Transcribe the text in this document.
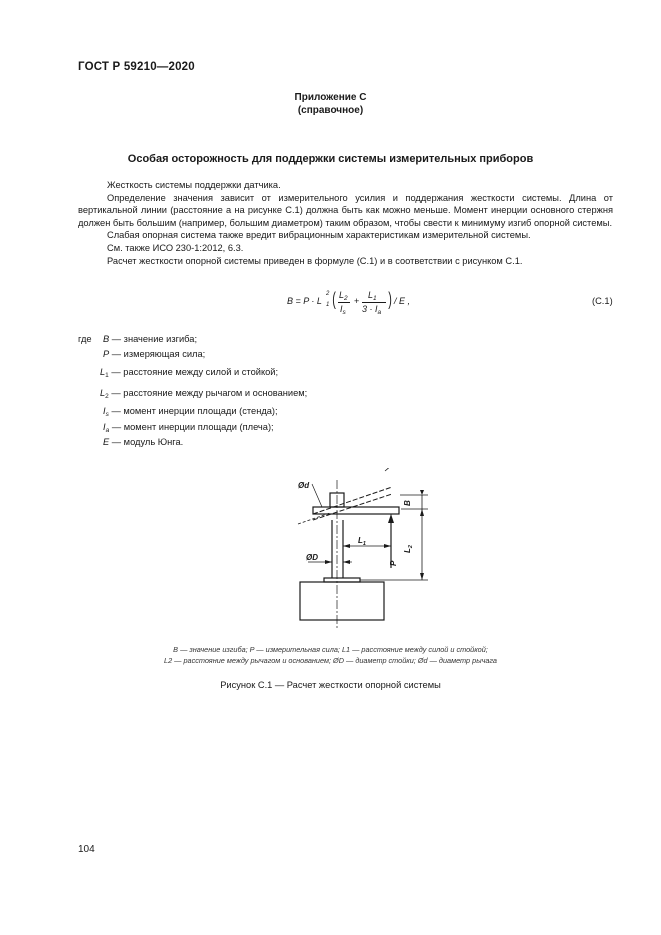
ГОСТ Р 59210—2020
Приложение С
(справочное)
Особая осторожность для поддержки системы измерительных приборов

Жесткость системы поддержки датчика.

Определение значения зависит от измерительного усилия и поддержания жесткости системы. Длина от вертикальной линии (расстояние a на рисунке С.1) должна быть как можно меньше. Момент инерции основного стержня должен быть большим (например, большим диаметром) таким образом, чтобы свести к минимуму изгиб опорной системы.

Слабая опорная система также вредит вибрационным характеристикам измерительной системы.

См. также ИСО 230-1:2012, 6.3.

Расчет жесткости опорной системы приведен в формуле (С.1) и в соответствии с рисунком С.1.

B = P · L
2
1 ( $L_2$
$I_s$
+
$L_1$
$3 \cdot I_a$
) / E ,	(С.1)
где B — значение изгиба;
P — измеряющая сила;
$L_1$ — расстояние между силой и стойкой;
$L_2$ — расстояние между рычагом и основанием;
$I_s$ — момент инерции площади (стенда);
$I_a$ — момент инерции площади (плеча);
E — модуль Юнга.
Ød
ØD
$L_1$
$L_2$
B
P
B — значение изгиба; P — измерительная сила; L1 — расстояние между силой и стойкой;
L2 — расстояние между рычагом и основанием; ØD — диаметр стойки; Ød — диаметр рычага
Рисунок С.1 — Расчет жесткости опорной системы
104
